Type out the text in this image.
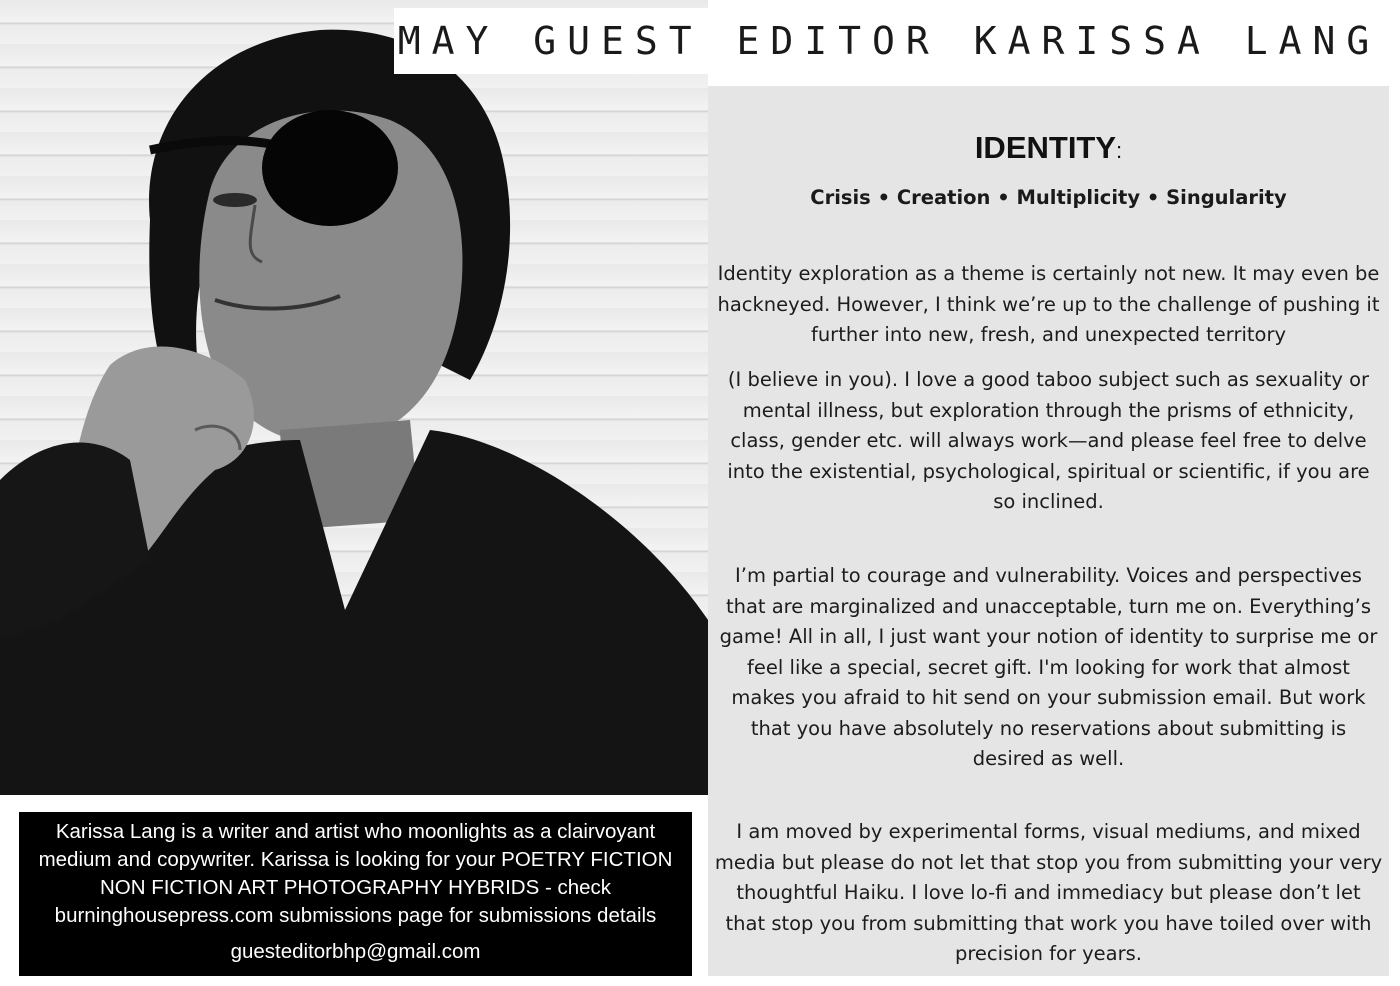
MAY GUEST EDITOR KARISSA LANG
IDENTITY:
Crisis • Creation • Multiplicity • Singularity

Identity exploration as a theme is certainly not new. It may even be hackneyed. However, I think we’re up to the challenge of pushing it further into new, fresh, and unexpected territory

(I believe in you). I love a good taboo subject such as sexuality or mental illness, but exploration through the prisms of ethnicity, class, gender etc. will always work—and please feel free to delve into the existential, psychological, spiritual or scientific, if you are so inclined.

I’m partial to courage and vulnerability. Voices and perspectives that are marginalized and unacceptable, turn me on. Everything’s game! All in all, I just want your notion of identity to surprise me or feel like a special, secret gift. I'm looking for work that almost makes you afraid to hit send on your submission email. But work that you have absolutely no reservations about submitting is desired as well.

I am moved by experimental forms, visual mediums, and mixed media but please do not let that stop you from submitting your very thoughtful Haiku. I love lo-fi and immediacy but please don’t let that stop you from submitting that work you have toiled over with precision for years.

Karissa Lang is a writer and artist who moonlights as a clairvoyant medium and copywriter. Karissa is looking for your POETRY FICTION NON FICTION ART PHOTOGRAPHY HYBRIDS - check burninghousepress.com submissions page for submissions details

guesteditorbhp@gmail.com
